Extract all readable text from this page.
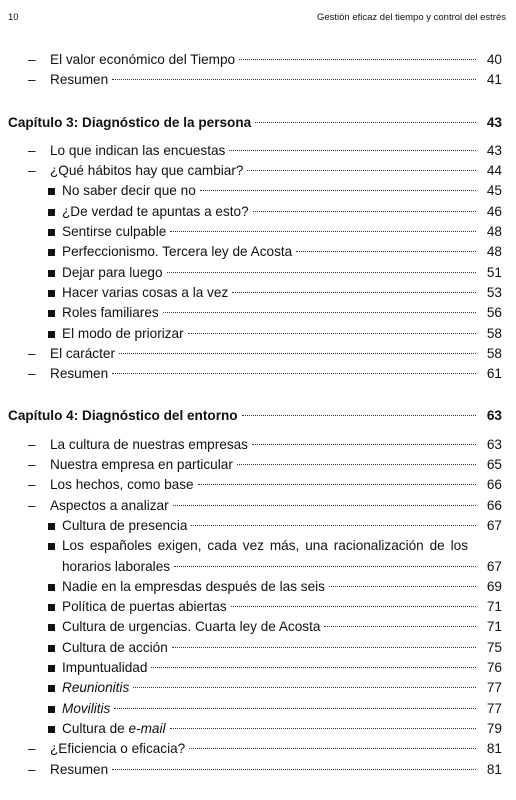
10	Gestión eficaz del tiempo y control del estrés
– El valor económico del Tiempo	40
– Resumen	41
Capítulo 3: Diagnóstico de la persona	43
– Lo que indican las encuestas	43
– ¿Qué hábitos hay que cambiar?	44
No saber decir que no	45
¿De verdad te apuntas a esto?	46
Sentirse culpable	48
Perfeccionismo. Tercera ley de Acosta	48
Dejar para luego	51
Hacer varias cosas a la vez	53
Roles familiares	56
El modo de priorizar	58
– El carácter	58
– Resumen	61
Capítulo 4: Diagnóstico del entorno	63
– La cultura de nuestras empresas	63
– Nuestra empresa en particular	65
– Los hechos, como base	66
– Aspectos a analizar	66
Cultura de presencia	67
Los españoles exigen, cada vez más, una racionalización de los
horarios laborales	67
Nadie en la empresdas después de las seis	69
Política de puertas abiertas	71
Cultura de urgencias. Cuarta ley de Acosta	71
Cultura de acción	75
Impuntualidad	76
Reunionitis	77
Movilitis	77
Cultura de e-mail	79
– ¿Eficiencia o eficacia?	81
– Resumen	81
